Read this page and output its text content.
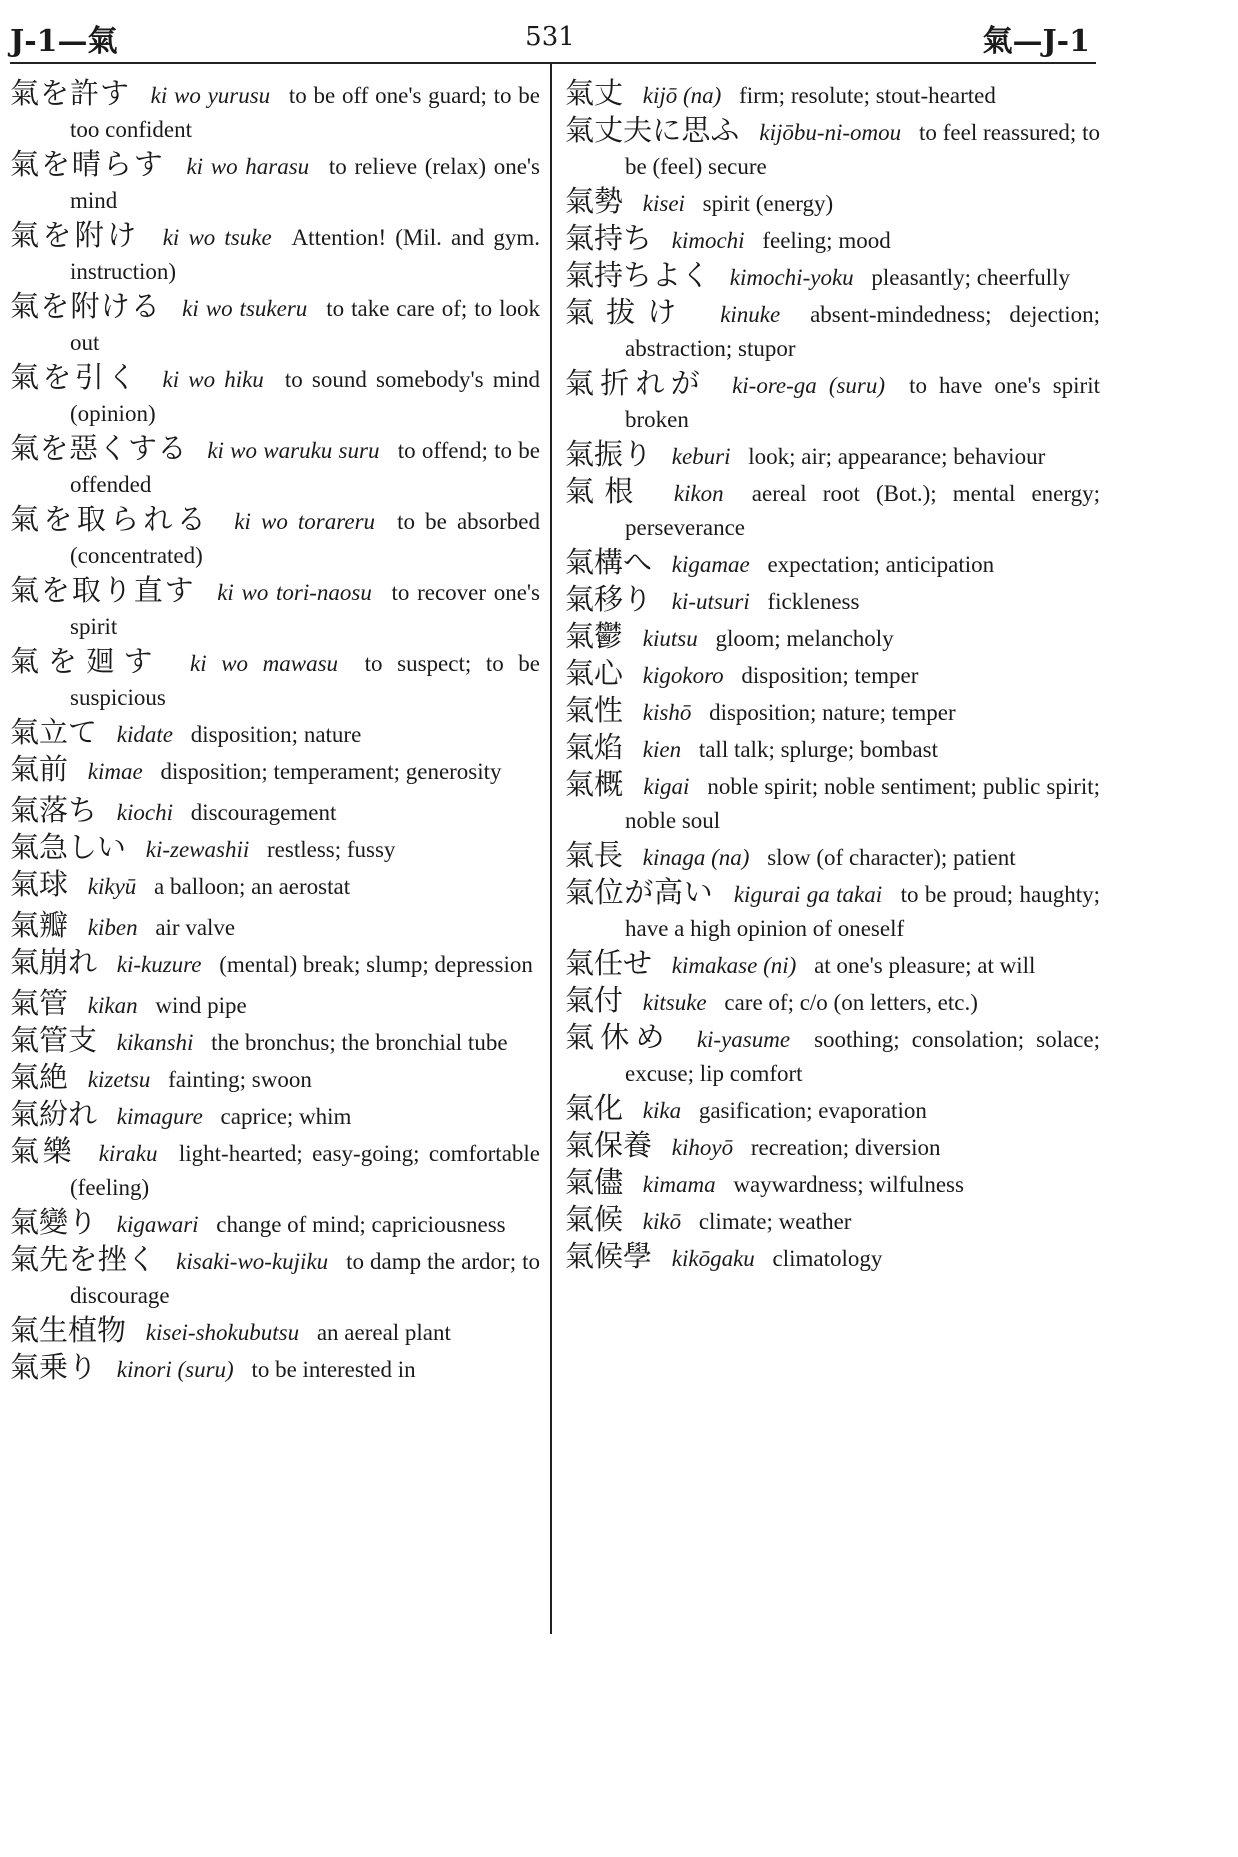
J-1—氣	531	氣—J-1

氣を許す ki wo yurusu to be off one's guard; to be too confident

氣を晴らす ki wo harasu to relieve (relax) one's mind

氣を附け ki wo tsuke Attention! (Mil. and gym. instruction)

氣を附ける ki wo tsukeru to take care of; to look out

氣を引く ki wo hiku to sound somebody's mind (opinion)

氣を惡くする ki wo waruku suru to offend; to be offended

氣を取られる ki wo torareru to be absorbed (concentrated)

氣を取り直す ki wo tori-naosu to recover one's spirit

氣を廻す ki wo mawasu to suspect; to be suspicious

氣立て kidate disposition; nature

氣前 kimae disposition; temperament; generosity

氣落ち kiochi discouragement

氣急しい ki-zewashii restless; fussy

氣球 kikyū a balloon; an aerostat

氣瓣 kiben air valve

氣崩れ ki-kuzure (mental) break; slump; depression

氣管 kikan wind pipe

氣管支 kikanshi the bronchus; the bronchial tube

氣絶 kizetsu fainting; swoon

氣紛れ kimagure caprice; whim

氣樂 kiraku light-hearted; easy-going; comfortable (feeling)

氣變り kigawari change of mind; capriciousness

氣先を挫く kisaki-wo-kujiku to damp the ardor; to discourage

氣生植物 kisei-shokubutsu an aereal plant

氣乗り kinori (suru) to be interested in

氣丈 kijō (na) firm; resolute; stout-hearted

氣丈夫に思ふ kijōbu-ni-omou to feel reassured; to be (feel) secure

氣勢 kisei spirit (energy)

氣持ち kimochi feeling; mood

氣持ちよく kimochi-yoku pleasantly; cheerfully

氣拔け kinuke absent-mindedness; dejection; abstraction; stupor

氣折れが ki-ore-ga (suru) to have one's spirit broken

氣振り keburi look; air; appearance; behaviour

氣根 kikon aereal root (Bot.); mental energy; perseverance

氣構へ kigamae expectation; anticipation

氣移り ki-utsuri fickleness

氣鬱 kiutsu gloom; melancholy

氣心 kigokoro disposition; temper

氣性 kishō disposition; nature; temper

氣焰 kien tall talk; splurge; bombast

氣概 kigai noble spirit; noble sentiment; public spirit; noble soul

氣長 kinaga (na) slow (of character); patient

氣位が高い kigurai ga takai to be proud; haughty; have a high opinion of oneself

氣任せ kimakase (ni) at one's pleasure; at will

氣付 kitsuke care of; c/o (on letters, etc.)

氣休め ki-yasume soothing; consolation; solace; excuse; lip comfort

氣化 kika gasification; evaporation

氣保養 kihoyō recreation; diversion

氣儘 kimama waywardness; wilfulness

氣候 kikō climate; weather

氣候學 kikōgaku climatology
